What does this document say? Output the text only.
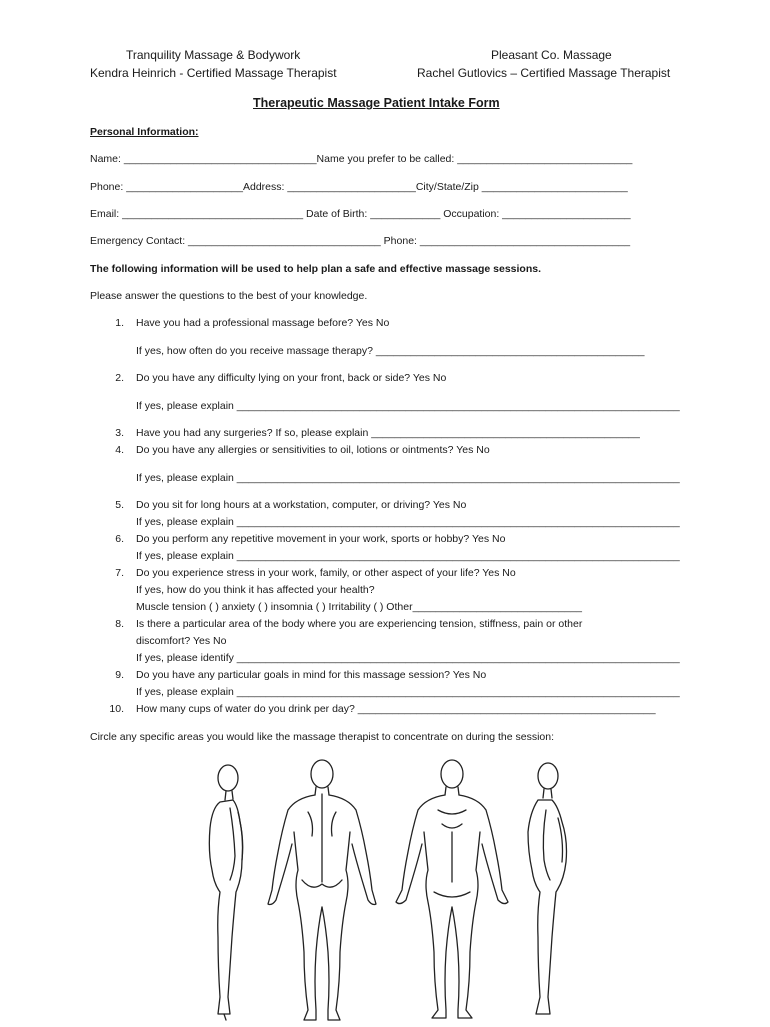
Tranquility Massage & Bodywork
Kendra Heinrich - Certified Massage Therapist
Pleasant Co. Massage
Rachel Gutlovics – Certified Massage Therapist
Therapeutic Massage Patient Intake Form
Personal Information:
Name: _________________________________Name you prefer to be called: ______________________________
Phone: ____________________Address: ______________________City/State/Zip _________________________
Email: _______________________________ Date of Birth: ____________ Occupation: ______________________
Emergency Contact: _________________________________ Phone: ____________________________________
The following information will be used to help plan a safe and effective massage sessions.
Please answer the questions to the best of your knowledge.
1. Have you had a professional massage before? Yes No
If yes, how often do you receive massage therapy? ______________________________________________
2. Do you have any difficulty lying on your front, back or side? Yes No
If yes, please explain ____________________________________________________________________________
3. Have you had any surgeries? If so, please explain ______________________________________________
4. Do you have any allergies or sensitivities to oil, lotions or ointments? Yes No
If yes, please explain ____________________________________________________________________________
5. Do you sit for long hours at a workstation, computer, or driving? Yes No
If yes, please explain ____________________________________________________________________________
6. Do you perform any repetitive movement in your work, sports or hobby? Yes No
If yes, please explain ____________________________________________________________________________
7. Do you experience stress in your work, family, or other aspect of your life? Yes No
If yes, how do you think it has affected your health?
Muscle tension ( ) anxiety ( ) insomnia ( ) Irritability ( ) Other_____________________________
8. Is there a particular area of the body where you are experiencing tension, stiffness, pain or other
discomfort? Yes No
If yes, please identify ____________________________________________________________________________
9. Do you have any particular goals in mind for this massage session? Yes No
If yes, please explain ____________________________________________________________________________
10. How many cups of water do you drink per day? ___________________________________________________
Circle any specific areas you would like the massage therapist to concentrate on during the session:
